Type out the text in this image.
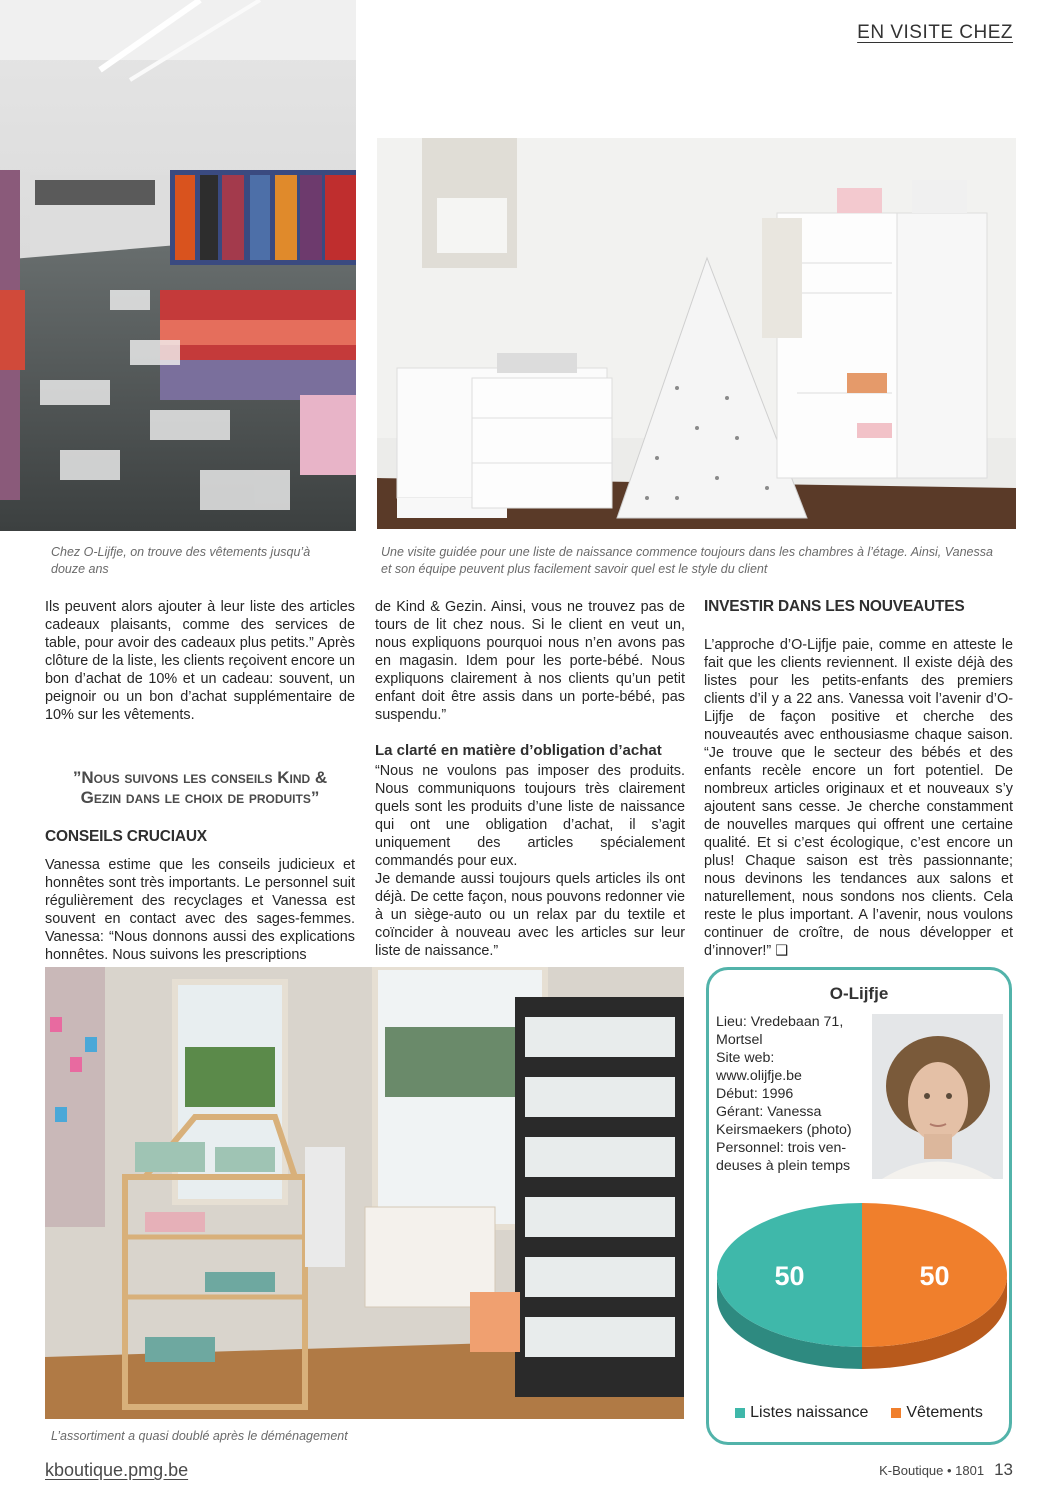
EN VISITE CHEZ
Chez O-Lijfje, on trouve des vêtements jusqu’à douze ans
Une visite guidée pour une liste de naissance commence toujours dans les chambres à l’étage. Ainsi, Vanessa et son équipe peuvent plus facilement savoir quel est le style du client

Ils peuvent alors ajouter à leur liste des articles cadeaux plaisants, comme des services de table, pour avoir des cadeaux plus petits.” Après clôture de la liste, les clients reçoivent encore un bon d’achat de 10% et un cadeau: souvent, un peignoir ou un bon d’achat supplémentaire de 10% sur les vêtements.

”Nous suivons les conseils Kind & Gezin dans le choix de produits”
CONSEILS CRUCIAUX

Vanessa estime que les conseils judicieux et honnêtes sont très importants. Le personnel suit régulièrement des recyclages et Vanessa est souvent en contact avec des sages-femmes. Vanessa: “Nous donnons aussi des explications honnêtes. Nous suivons les prescriptions

de Kind & Gezin. Ainsi, vous ne trouvez pas de tours de lit chez nous. Si le client en veut un, nous expliquons pourquoi nous n’en avons pas en magasin. Idem pour les porte-bébé. Nous expliquons clairement à nos clients qu’un petit enfant doit être assis dans un porte-bébé, pas suspendu.”

La clarté en matière d’obligation d’achat

“Nous ne voulons pas imposer des produits. Nous communiquons toujours très clairement quels sont les produits d’une liste de naissance qui ont une obligation d’achat, il s’agit uniquement des articles spécialement commandés pour eux.

Je demande aussi toujours quels articles ils ont déjà. De cette façon, nous pouvons redonner vie à un siège-auto ou un relax par du textile et coïncider à nouveau avec les articles sur leur liste de naissance.”

INVESTIR DANS LES NOUVEAUTES

L’approche d’O-Lijfje paie, comme en atteste le fait que les clients reviennent. Il existe déjà des listes pour les petits-enfants des premiers clients d’il y a 22 ans. Vanessa voit l’avenir d’O-Lijfje de façon positive et cherche des nouveautés avec enthousiasme chaque saison. “Je trouve que le secteur des bébés et des enfants recèle encore un fort potentiel. De nombreux articles originaux et et nouveaux s’y ajoutent sans cesse. Je cherche constamment de nouvelles marques qui offrent une certaine qualité. Et si c’est écologique, c’est encore un plus! Chaque saison est très passionnante; nous devinons les tendances aux salons et naturellement, nous sondons nos clients. Cela reste le plus important. A l’avenir, nous voulons continuer de croître, de nous développer et d’innover!” ❑

L’assortiment a quasi doublé après le déménagement
O-Lijfje
Lieu: Vredebaan 71,
Mortsel
Site web:
www.olijfje.be
Début: 1996
Gérant: Vanessa
Keirsmaekers (photo)
Personnel: trois ven-
deuses à plein temps
50	50
Listes naissance Vêtements
kboutique.pmg.be	K-Boutique • 1801 13
